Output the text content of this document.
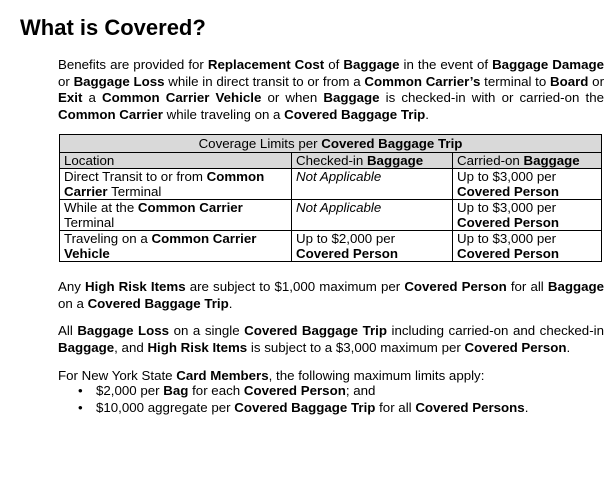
What is Covered?

Benefits are provided for Replacement Cost of Baggage in the event of Baggage Damage or Baggage Loss while in direct transit to or from a Common Carrier’s terminal to Board or Exit a Common Carrier Vehicle or when Baggage is checked-in with or carried-on the Common Carrier while traveling on a Covered Baggage Trip.

Coverage Limits per Covered Baggage Trip		
Location	Checked-in Baggage	Carried-on Baggage
Direct Transit to or from Common Carrier Terminal	Not Applicable	Up to $3,000 per Covered Person
While at the Common Carrier Terminal	Not Applicable	Up to $3,000 per Covered Person
Traveling on a Common Carrier Vehicle	Up to $2,000 per Covered Person	Up to $3,000 per Covered Person

Any High Risk Items are subject to $1,000 maximum per Covered Person for all Baggage on a Covered Baggage Trip.

All Baggage Loss on a single Covered Baggage Trip including carried-on and checked-in Baggage, and High Risk Items is subject to a $3,000 maximum per Covered Person.

For New York State Card Members, the following maximum limits apply:

• $2,000 per Bag for each Covered Person; and
• $10,000 aggregate per Covered Baggage Trip for all Covered Persons.
